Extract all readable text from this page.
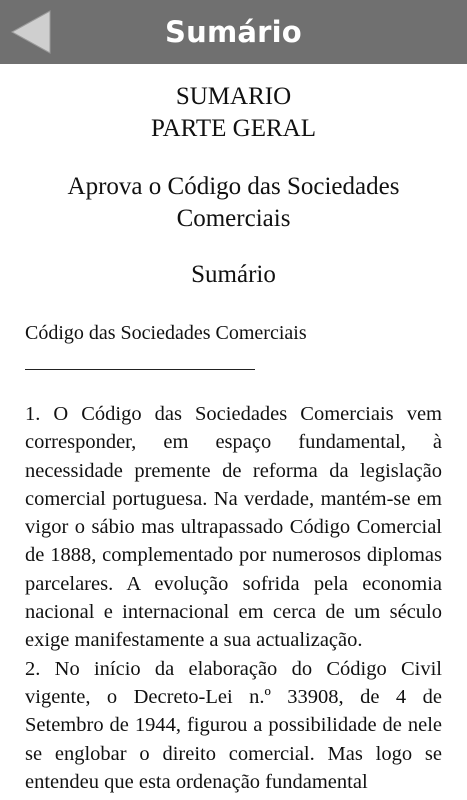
Sumário
SUMARIO
PARTE GERAL
Aprova o Código das Sociedades
Comerciais
Sumário
Código das Sociedades Comerciais

1. O Código das Sociedades Comerciais vem corresponder, em espaço fundamental, à necessidade premente de reforma da legislação comercial portuguesa. Na verdade, mantém-se em vigor o sábio mas ultrapassado Código Comercial de 1888, complementado por numerosos diplomas parcelares. A evolução sofrida pela economia nacional e internacional em cerca de um século exige manifestamente a sua actualização.

2. No início da elaboração do Código Civil vigente, o Decreto-Lei n.º 33908, de 4 de Setembro de 1944, figurou a possibilidade de nele se englobar o direito comercial. Mas logo se entendeu que esta ordenação fundamental
